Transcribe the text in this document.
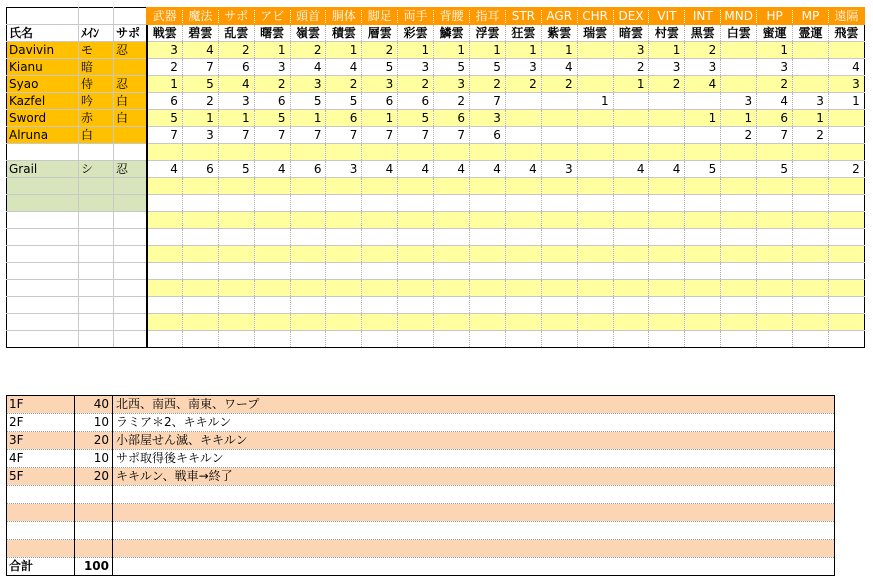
			武器	魔法	サポ	アビ	頭首	胴体	脚足	両手	背腰	指耳	STR	AGR	CHR	DEX	VIT	INT	MND	HP	MP	遠隔
氏名	ﾒｲﾝ	サポ	戦雲	碧雲	乱雲	曙雲	嶺雲	積雲	層雲	彩雲	鱗雲	浮雲	狂雲	紫雲	瑞雲	暗雲	村雲	黒雲	白雲	蜜運	霊運	飛雲
Davivin	モ	忍	3	4	2	1	2	1	2	1	1	1	1	1		3	1	2		1		
Kianu	暗		2	7	6	3	4	4	5	3	5	5	3	4		2	3	3		3		4
Syao	侍	忍	1	5	4	2	3	2	3	2	3	2	2	2		1	2	4		2		3
Kazfel	吟	白	6	2	3	6	5	5	6	6	2	7			1				3	4	3	1
Sword	赤	白	5	1	1	5	1	6	1	5	6	3						1	1	6	1	
Alruna	白		7	3	7	7	7	7	7	7	7	6							2	7	2	

Grail	シ	忍	4	6	5	4	6	3	4	4	4	4	4	3		4	4	5		5		2

1F	40	北西、南西、南東、ワープ
2F	10	ラミア＊2、キキルン
3F	20	小部屋せん滅、キキルン
4F	10	サポ取得後キキルン
5F	20	キキルン、戦車→終了

合計	100	
